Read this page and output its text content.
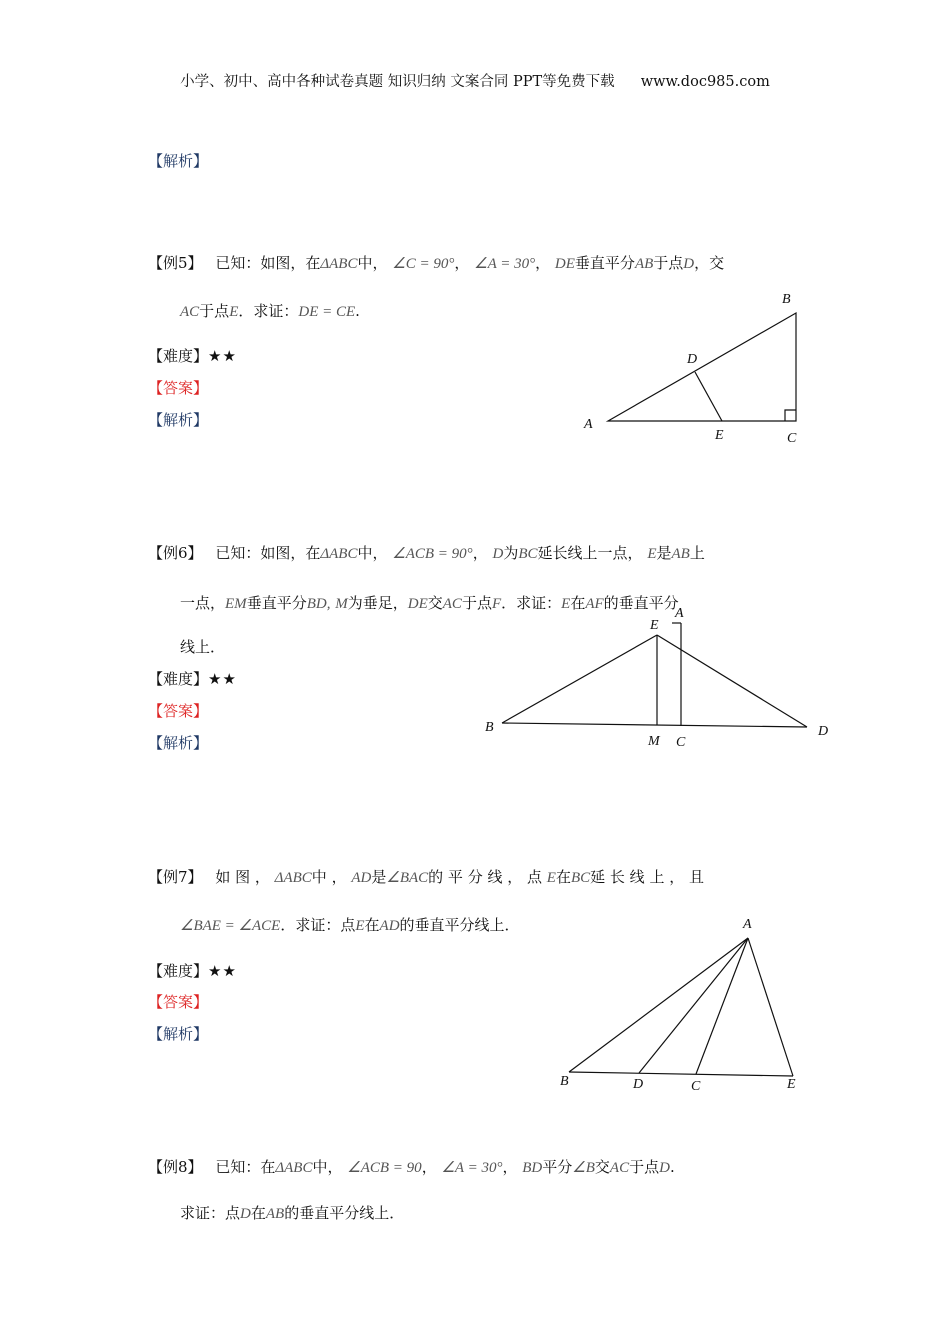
小学、初中、高中各种试卷真题 知识归纳 文案合同 PPT等免费下载 www.doc985.com
【解析】
【例5】 已知：如图，在ΔABC中， ∠C = 90°， ∠A = 30°， DE垂直平分AB于点D，交
AC于点E．求证：DE = CE.
【难度】★★
【答案】
【解析】	A
B
C
D
E
【例6】 已知：如图，在ΔABC中， ∠ACB = 90°， D为BC延长线上一点， E是AB上
一点，EM垂直平分BD, M为垂足，DE交AC于点F．求证：E在AF的垂直平分
线上．
【难度】★★
【答案】
【解析】
A
B
C
D
E
M
【例7】 如 图 ， ΔABC中 ， AD是∠BAC的 平 分 线 ， 点 E在BC延 长 线 上 ， 且
∠BAE = ∠ACE．求证：点E在AD的垂直平分线上．
【难度】★★
【答案】
【解析】
A
B	C
D	E
【例8】 已知：在ΔABC中， ∠ACB = 90， ∠A = 30°， BD平分∠B交AC于点D.
求证：点D在AB的垂直平分线上．
